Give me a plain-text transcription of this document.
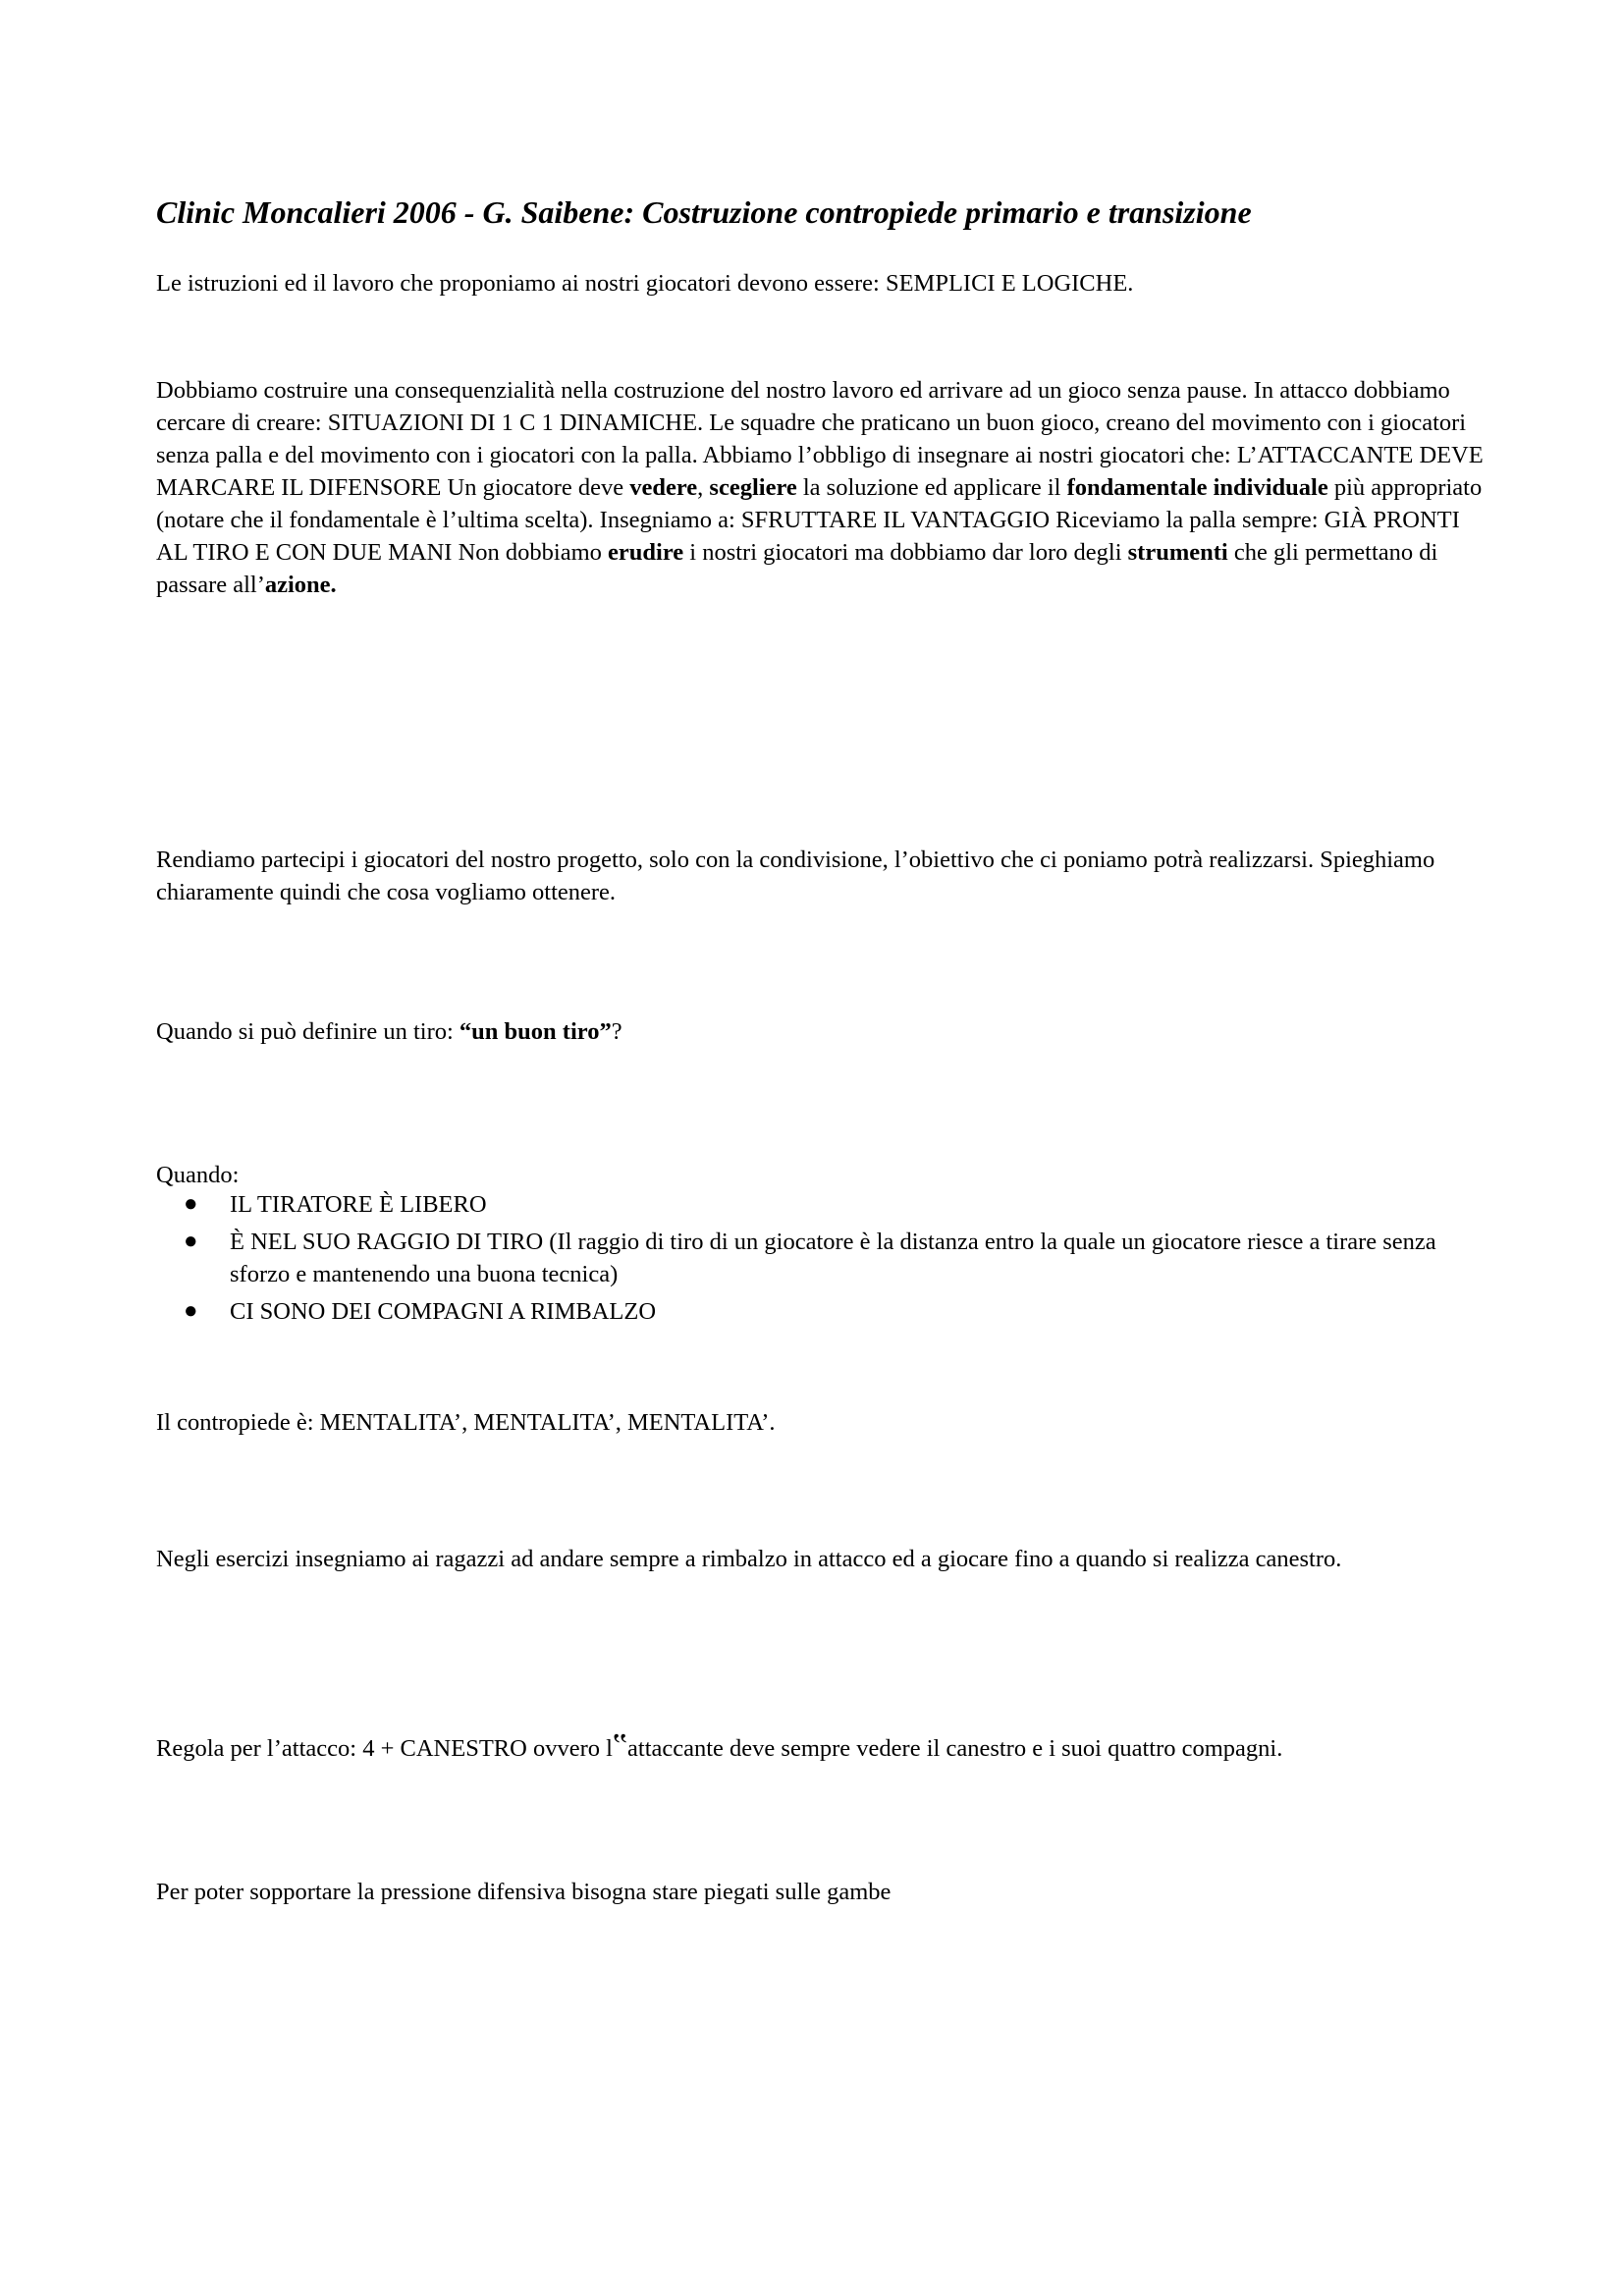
Clinic Moncalieri 2006 - G. Saibene: Costruzione contropiede primario e transizione

Le istruzioni ed il lavoro che proponiamo ai nostri giocatori devono essere: SEMPLICI E LOGICHE.

Dobbiamo costruire una consequenzialità nella costruzione del nostro lavoro ed arrivare ad un gioco senza pause. In attacco dobbiamo cercare di creare: SITUAZIONI DI 1 C 1 DINAMICHE. Le squadre che praticano un buon gioco, creano del movimento con i giocatori senza palla e del movimento con i giocatori con la palla. Abbiamo l’obbligo di insegnare ai nostri giocatori che: L’ATTACCANTE DEVE MARCARE IL DIFENSORE Un giocatore deve vedere, scegliere la soluzione ed applicare il fondamentale individuale più appropriato (notare che il fondamentale è l’ultima scelta). Insegniamo a: SFRUTTARE IL VANTAGGIO Riceviamo la palla sempre: GIÀ PRONTI AL TIRO E CON DUE MANI Non dobbiamo erudire i nostri giocatori ma dobbiamo dar loro degli strumenti che gli permettano di passare all’azione.

Rendiamo partecipi i giocatori del nostro progetto, solo con la condivisione, l’obiettivo che ci poniamo potrà realizzarsi. Spieghiamo chiaramente quindi che cosa vogliamo ottenere.

Quando si può definire un tiro: “un buon tiro”?

Quando:

● IL TIRATORE È LIBERO
● È NEL SUO RAGGIO DI TIRO (Il raggio di tiro di un giocatore è la distanza entro la quale un giocatore riesce a tirare senza sforzo e mantenendo una buona tecnica)
● CI SONO DEI COMPAGNI A RIMBALZO

Il contropiede è: MENTALITA’, MENTALITA’, MENTALITA’.

Negli esercizi insegniamo ai ragazzi ad andare sempre a rimbalzo in attacco ed a giocare fino a quando si realizza canestro.

Regola per l’attacco: 4 + CANESTRO ovvero l‟attaccante deve sempre vedere il canestro e i suoi quattro compagni.

Per poter sopportare la pressione difensiva bisogna stare piegati sulle gambe
